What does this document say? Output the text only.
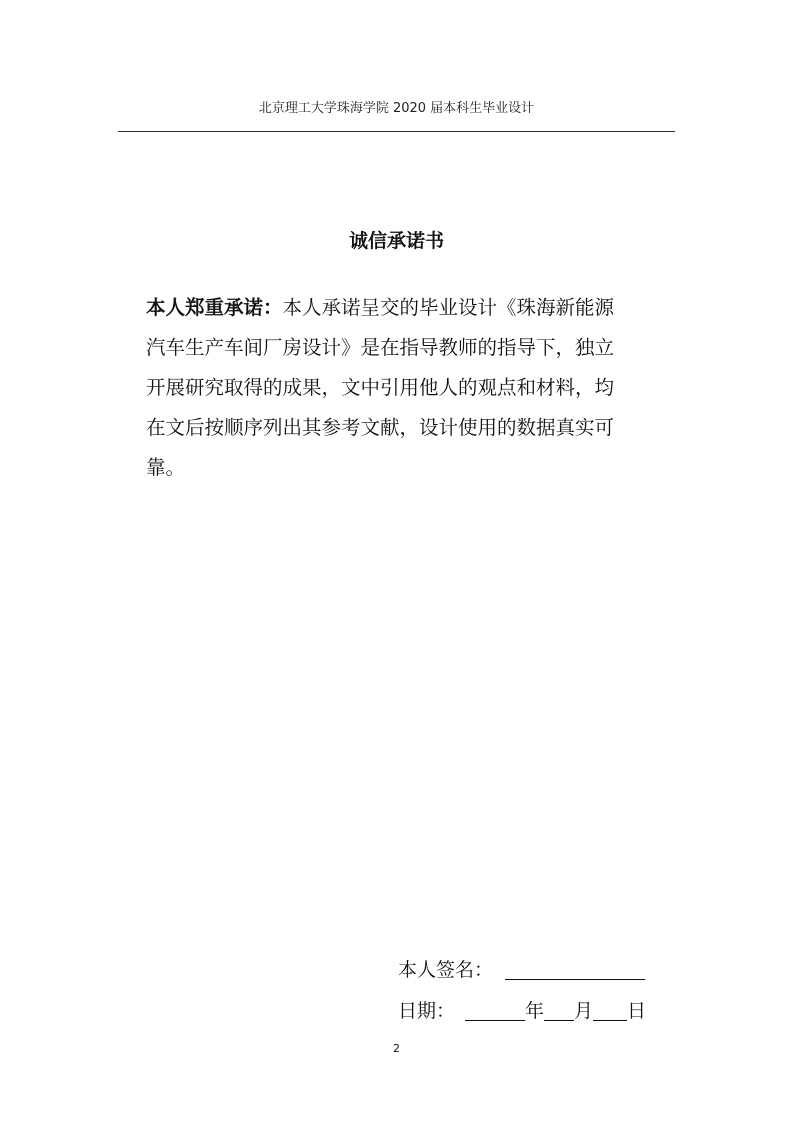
北京理工大学珠海学院 2020 届本科生毕业设计
诚信承诺书
本人郑重承诺：本人承诺呈交的毕业设计《珠海新能源
汽车生产车间厂房设计》是在指导教师的指导下，独立
开展研究取得的成果，文中引用他人的观点和材料，均
在文后按顺序列出其参考文献，设计使用的数据真实可
靠。
本人签名：
日期：	年 月 日
2
